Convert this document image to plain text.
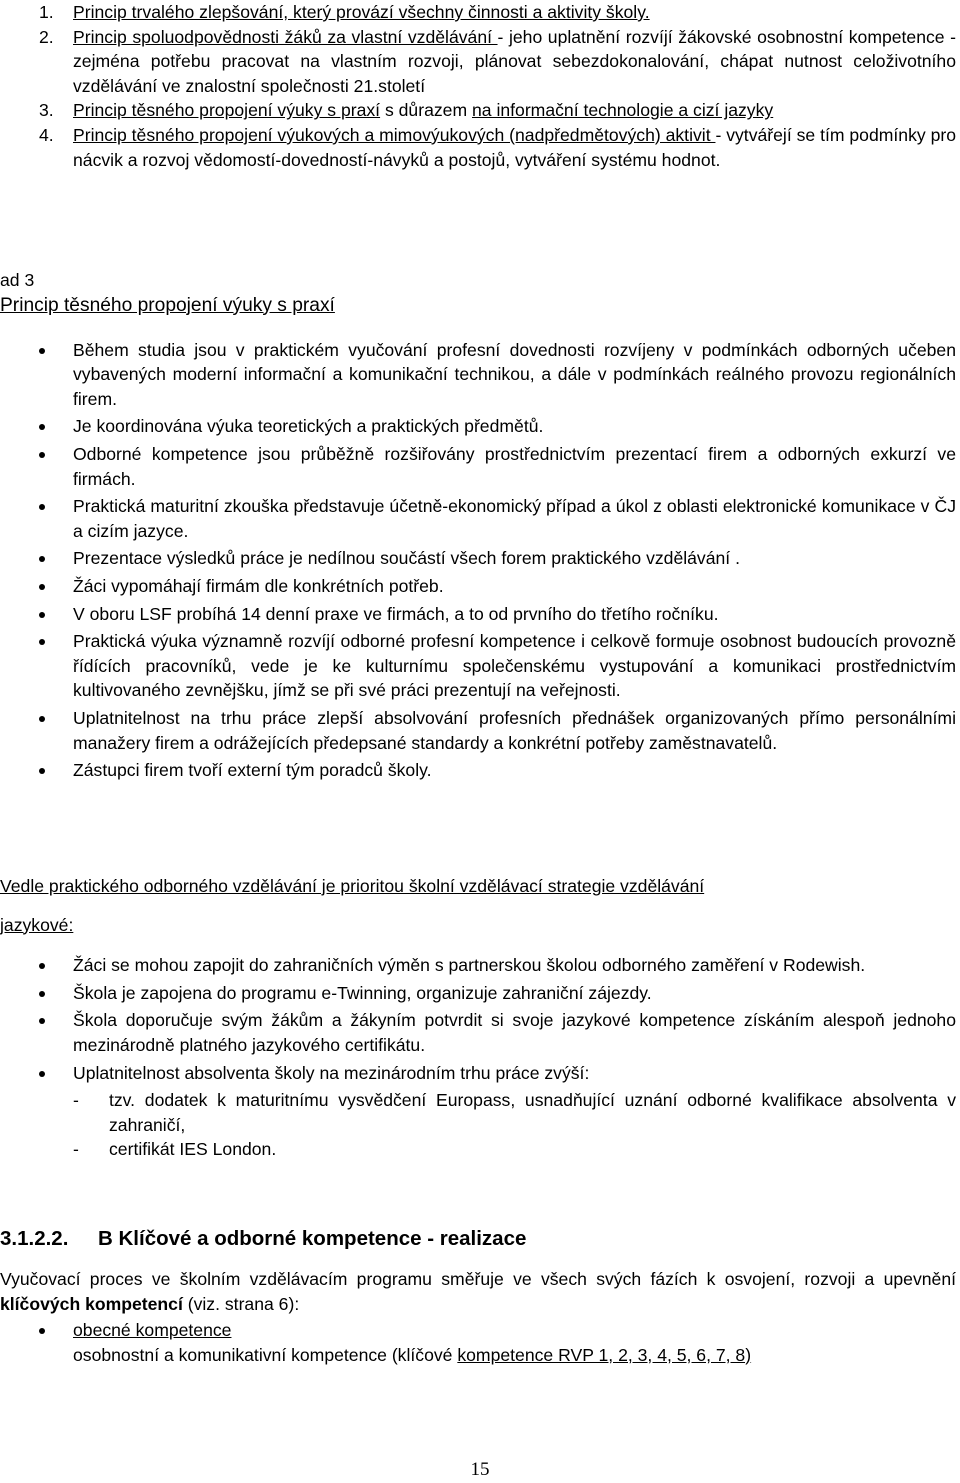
1. Princip trvalého zlepšování, který provází všechny činnosti a aktivity školy.
2. Princip spoluodpovědnosti žáků za vlastní vzdělávání - jeho uplatnění rozvíjí žákovské osobnostní kompetence - zejména potřebu pracovat na vlastním rozvoji, plánovat sebezdokonalování, chápat nutnost celoživotního vzdělávání ve znalostní společnosti 21.století
3. Princip těsného propojení výuky s praxí s důrazem na informační technologie a cizí jazyky
4. Princip těsného propojení výukových a mimovýukových (nadpředmětových) aktivit - vytvářejí se tím podmínky pro nácvik a rozvoj vědomostí-dovedností-návyků a postojů, vytváření systému hodnot.
ad 3
Princip těsného propojení výuky s praxí
Během studia jsou v praktickém vyučování profesní dovednosti rozvíjeny v podmínkách odborných učeben vybavených moderní informační a komunikační technikou, a dále v podmínkách reálného provozu regionálních firem.
Je koordinována výuka teoretických a praktických předmětů.
Odborné kompetence jsou průběžně rozšiřovány prostřednictvím prezentací firem a odborných exkurzí ve firmách.
Praktická maturitní zkouška představuje účetně-ekonomický případ a úkol z oblasti elektronické komunikace v ČJ a cizím jazyce.
Prezentace výsledků práce je nedílnou součástí všech forem praktického vzdělávání .
Žáci vypomáhají firmám dle konkrétních potřeb.
V oboru LSF probíhá 14 denní praxe ve firmách, a to od prvního do třetího ročníku.
Praktická výuka významně rozvíjí odborné profesní kompetence i celkově formuje osobnost budoucích provozně řídících pracovníků, vede je ke kulturnímu společenskému vystupování a komunikaci prostřednictvím kultivovaného zevnějšku, jímž se při své práci prezentují na veřejnosti.
Uplatnitelnost na trhu práce zlepší absolvování profesních přednášek organizovaných přímo personálními manažery firem a odrážejících předepsané standardy a konkrétní potřeby zaměstnavatelů.
Zástupci firem tvoří externí tým poradců školy.
Vedle praktického odborného vzdělávání je prioritou školní vzdělávací strategie vzdělávání
jazykové:
Žáci se mohou zapojit do zahraničních výměn s partnerskou školou odborného zaměření v Rodewish.
Škola je zapojena do programu e-Twinning, organizuje zahraniční zájezdy.
Škola doporučuje svým žákům a žákyním potvrdit si svoje jazykové kompetence získáním alespoň jednoho mezinárodně platného jazykového certifikátu.
Uplatnitelnost absolventa školy na mezinárodním trhu práce zvýší:
- tzv. dodatek k maturitnímu vysvědčení Europass, usnadňující uznání odborné kvalifikace absolventa v zahraničí,
- certifikát IES London.
3.1.2.2. B Klíčové a odborné kompetence - realizace
Vyučovací proces ve školním vzdělávacím programu směřuje ve všech svých fázích k osvojení, rozvoji a upevnění klíčových kompetencí (viz. strana 6):
obecné kompetence
osobnostní a komunikativní kompetence (klíčové kompetence RVP 1, 2, 3, 4, 5, 6, 7, 8)
15
